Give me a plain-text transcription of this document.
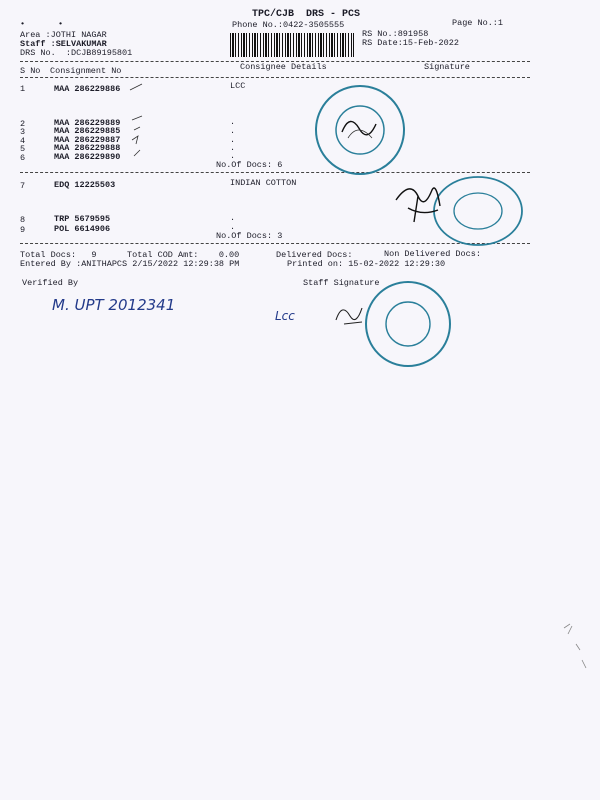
•	•
TPC/CJB  DRS - PCS
Phone No.:0422-3505555	Page No.:1
Area :JOTHI NAGAR
Staff :SELVAKUMAR
DRS No.  :DCJB89195801
RS No.:891958
RS Date:15-Feb-2022
S No Consignment No	Consignee Details	Signature
1	MAA 286229886	LCC
2	MAA 286229889	.
3	MAA 286229885	.
4	MAA 286229887	.
5	MAA 286229888	.
6	MAA 286229890	.
No.Of Docs: 6
7	EDQ 12225503	INDIAN COTTON
8	TRP 5679595	.
9	POL 6614906	.
No.Of Docs: 3
Total Docs:   9	Total COD Amt:    0.00	Delivered Docs:	Non Delivered Docs:
Entered By :ANITHAPCS 2/15/2022 12:29:38 PM	Printed on: 15-02-2022 12:29:30
Verified By	Staff Signature
M. UPT 2012341
Lcc
